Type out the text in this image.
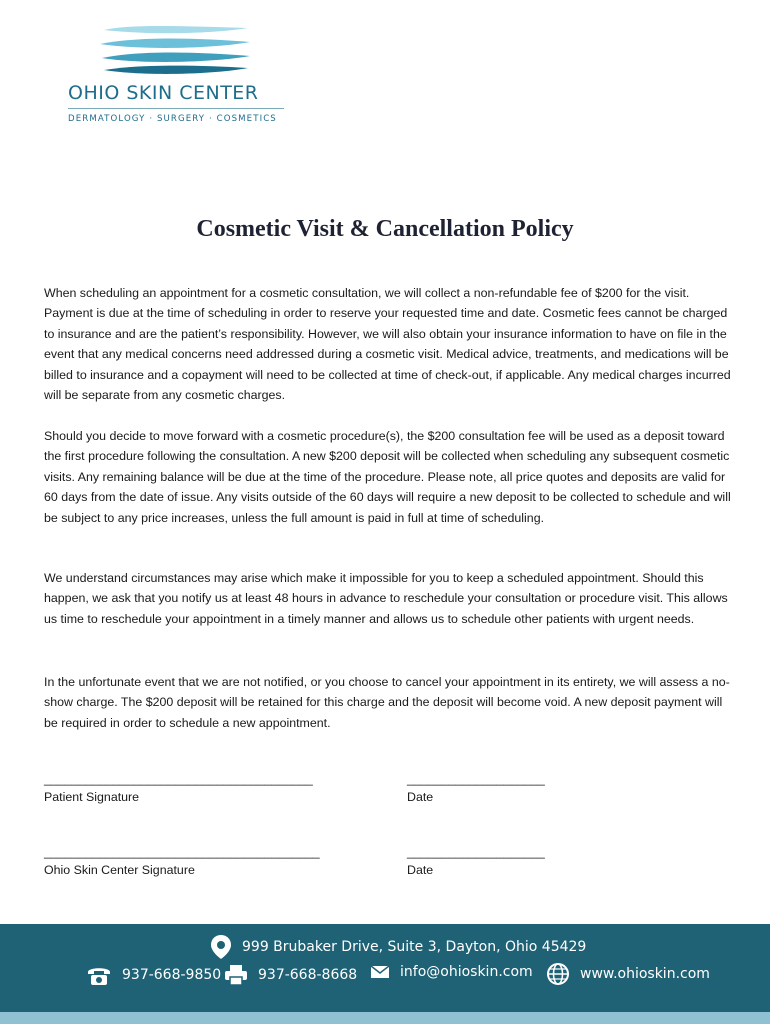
OHIO SKIN CENTER
DERMATOLOGY · SURGERY · COSMETICS
Cosmetic Visit & Cancellation Policy

When scheduling an appointment for a cosmetic consultation, we will collect a non-refundable fee of $200 for the visit. Payment is due at the time of scheduling in order to reserve your requested time and date. Cosmetic fees cannot be charged to insurance and are the patient’s responsibility. However, we will also obtain your insurance information to have on file in the event that any medical concerns need addressed during a cosmetic visit. Medical advice, treatments, and medications will be billed to insurance and a copayment will need to be collected at time of check-out, if applicable. Any medical charges incurred will be separate from any cosmetic charges.

Should you decide to move forward with a cosmetic procedure(s), the $200 consultation fee will be used as a deposit toward the first procedure following the consultation. A new $200 deposit will be collected when scheduling any subsequent cosmetic visits. Any remaining balance will be due at the time of the procedure. Please note, all price quotes and deposits are valid for 60 days from the date of issue. Any visits outside of the 60 days will require a new deposit to be collected to schedule and will be subject to any price increases, unless the full amount is paid in full at time of scheduling.

We understand circumstances may arise which make it impossible for you to keep a scheduled appointment. Should this happen, we ask that you notify us at least 48 hours in advance to reschedule your consultation or procedure visit. This allows us time to reschedule your appointment in a timely manner and allows us to schedule other patients with urgent needs.

In the unfortunate event that we are not notified, or you choose to cancel your appointment in its entirety, we will assess a no-show charge. The $200 deposit will be retained for this charge and the deposit will become void. A new deposit payment will be required in order to schedule a new appointment.

_______________________________________
Patient Signature
____________________
Date
________________________________________
Ohio Skin Center Signature
____________________
Date
999 Brubaker Drive, Suite 3, Dayton, Ohio 45429
937-668-9850	937-668-8668	info@ohioskin.com	www.ohioskin.com
